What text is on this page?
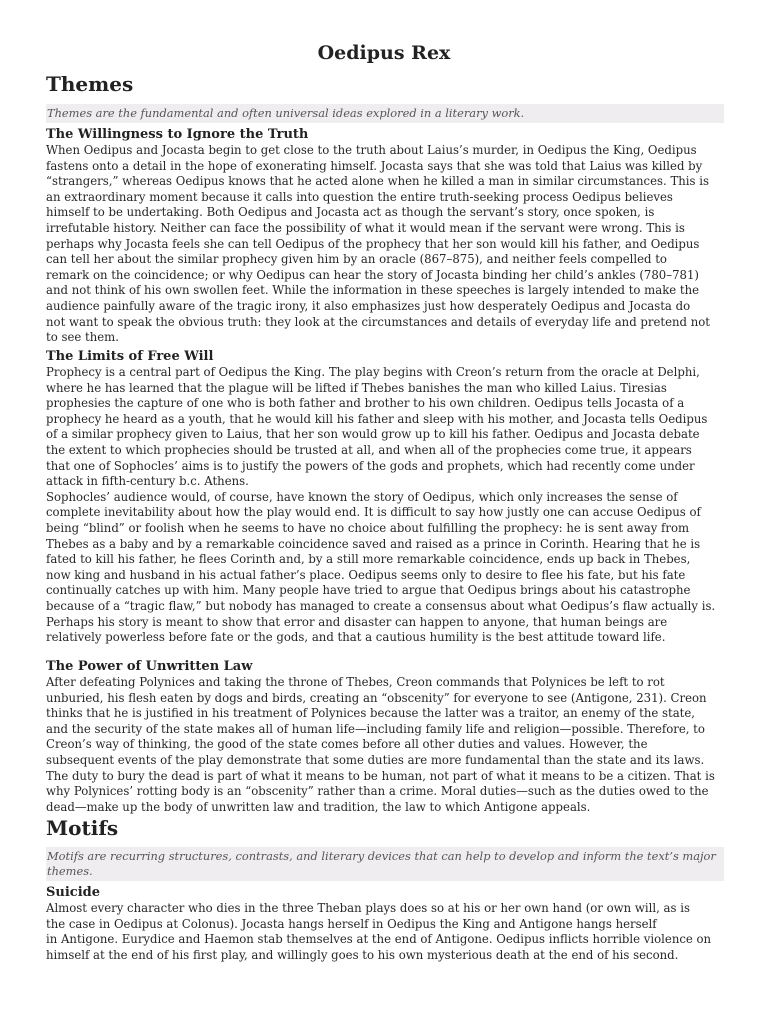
Oedipus Rex
Themes
Themes are the fundamental and often universal ideas explored in a literary work.
The Willingness to Ignore the Truth
When Oedipus and Jocasta begin to get close to the truth about Laius’s murder, in Oedipus the King, Oedipus
fastens onto a detail in the hope of exonerating himself. Jocasta says that she was told that Laius was killed by
“strangers,” whereas Oedipus knows that he acted alone when he killed a man in similar circumstances. This is
an extraordinary moment because it calls into question the entire truth-seeking process Oedipus believes
himself to be undertaking. Both Oedipus and Jocasta act as though the servant’s story, once spoken, is
irrefutable history. Neither can face the possibility of what it would mean if the servant were wrong. This is
perhaps why Jocasta feels she can tell Oedipus of the prophecy that her son would kill his father, and Oedipus
can tell her about the similar prophecy given him by an oracle (867–875), and neither feels compelled to
remark on the coincidence; or why Oedipus can hear the story of Jocasta binding her child’s ankles (780–781)
and not think of his own swollen feet. While the information in these speeches is largely intended to make the
audience painfully aware of the tragic irony, it also emphasizes just how desperately Oedipus and Jocasta do
not want to speak the obvious truth: they look at the circumstances and details of everyday life and pretend not
to see them.
The Limits of Free Will
Prophecy is a central part of Oedipus the King. The play begins with Creon’s return from the oracle at Delphi,
where he has learned that the plague will be lifted if Thebes banishes the man who killed Laius. Tiresias
prophesies the capture of one who is both father and brother to his own children. Oedipus tells Jocasta of a
prophecy he heard as a youth, that he would kill his father and sleep with his mother, and Jocasta tells Oedipus
of a similar prophecy given to Laius, that her son would grow up to kill his father. Oedipus and Jocasta debate
the extent to which prophecies should be trusted at all, and when all of the prophecies come true, it appears
that one of Sophocles’ aims is to justify the powers of the gods and prophets, which had recently come under
attack in fifth-century b.c. Athens.
Sophocles’ audience would, of course, have known the story of Oedipus, which only increases the sense of
complete inevitability about how the play would end. It is difficult to say how justly one can accuse Oedipus of
being “blind” or foolish when he seems to have no choice about fulfilling the prophecy: he is sent away from
Thebes as a baby and by a remarkable coincidence saved and raised as a prince in Corinth. Hearing that he is
fated to kill his father, he flees Corinth and, by a still more remarkable coincidence, ends up back in Thebes,
now king and husband in his actual father’s place. Oedipus seems only to desire to flee his fate, but his fate
continually catches up with him. Many people have tried to argue that Oedipus brings about his catastrophe
because of a “tragic flaw,” but nobody has managed to create a consensus about what Oedipus’s flaw actually is.
Perhaps his story is meant to show that error and disaster can happen to anyone, that human beings are
relatively powerless before fate or the gods, and that a cautious humility is the best attitude toward life.
The Power of Unwritten Law
After defeating Polynices and taking the throne of Thebes, Creon commands that Polynices be left to rot
unburied, his flesh eaten by dogs and birds, creating an “obscenity” for everyone to see (Antigone, 231). Creon
thinks that he is justified in his treatment of Polynices because the latter was a traitor, an enemy of the state,
and the security of the state makes all of human life—including family life and religion—possible. Therefore, to
Creon’s way of thinking, the good of the state comes before all other duties and values. However, the
subsequent events of the play demonstrate that some duties are more fundamental than the state and its laws.
The duty to bury the dead is part of what it means to be human, not part of what it means to be a citizen. That is
why Polynices’ rotting body is an “obscenity” rather than a crime. Moral duties—such as the duties owed to the
dead—make up the body of unwritten law and tradition, the law to which Antigone appeals.
Motifs
Motifs are recurring structures, contrasts, and literary devices that can help to develop and inform the text’s major
themes.
Suicide
Almost every character who dies in the three Theban plays does so at his or her own hand (or own will, as is
the case in Oedipus at Colonus). Jocasta hangs herself in Oedipus the King and Antigone hangs herself
in Antigone. Eurydice and Haemon stab themselves at the end of Antigone. Oedipus inflicts horrible violence on
himself at the end of his first play, and willingly goes to his own mysterious death at the end of his second.
